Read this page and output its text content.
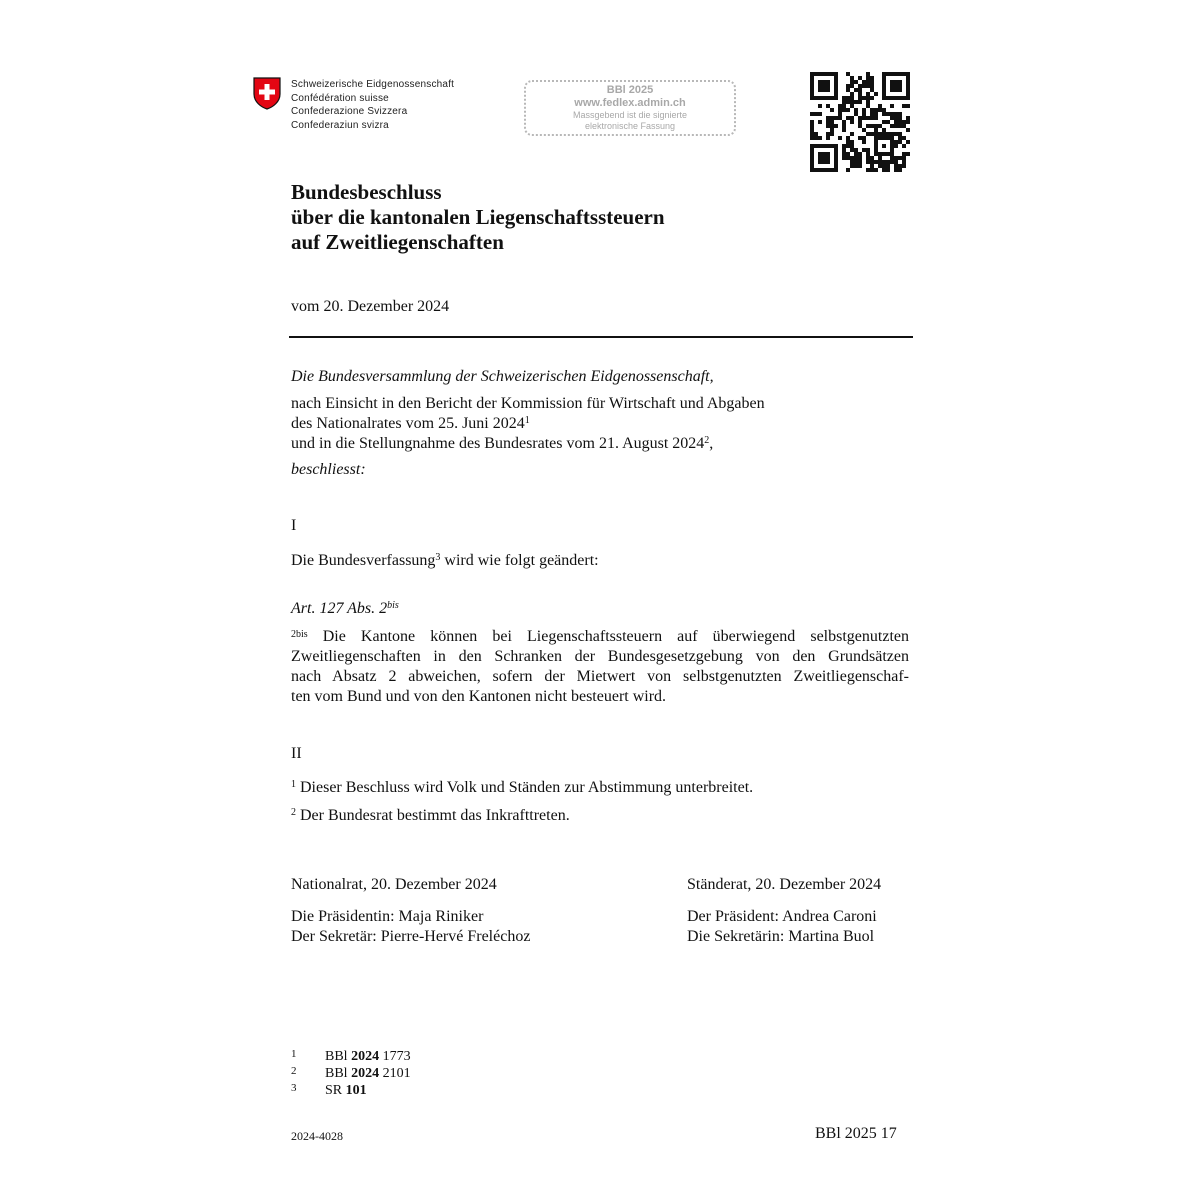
Schweizerische Eidgenossenschaft
Confédération suisse
Confederazione Svizzera
Confederaziun svizra
BBl 2025
www.fedlex.admin.ch
Massgebend ist die signierte
elektronische Fassung
Bundesbeschluss
über die kantonalen Liegenschaftssteuern
auf Zweitliegenschaften
vom 20. Dezember 2024
Die Bundesversammlung der Schweizerischen Eidgenossenschaft,
nach Einsicht in den Bericht der Kommission für Wirtschaft und Abgaben
des Nationalrates vom 25. Juni 2024$^1$
und in die Stellungnahme des Bundesrates vom 21. August 2024$^2$,
beschliesst:
I
Die Bundesverfassung$^3$ wird wie folgt geändert:
Art. 127 Abs. $2^{bis}$
$^{2bis}$ Die Kantone können bei Liegenschaftssteuern auf überwiegend selbstgenutzten
Zweitliegenschaften in den Schranken der Bundesgesetzgebung von den Grundsätzen
nach Absatz 2 abweichen, sofern der Mietwert von selbstgenutzten Zweitliegenschaf-
ten vom Bund und von den Kantonen nicht besteuert wird.
II
$^1$ Dieser Beschluss wird Volk und Ständen zur Abstimmung unterbreitet.
$^2$ Der Bundesrat bestimmt das Inkrafttreten.
Nationalrat, 20. Dezember 2024
Die Präsidentin: Maja Riniker
Der Sekretär: Pierre-Hervé Freléchoz
Ständerat, 20. Dezember 2024
Der Präsident: Andrea Caroni
Die Sekretärin: Martina Buol
1 BBl 2024 1773
2 BBl 2024 2101
3 SR 101
2024-4028	BBl 2025 17
